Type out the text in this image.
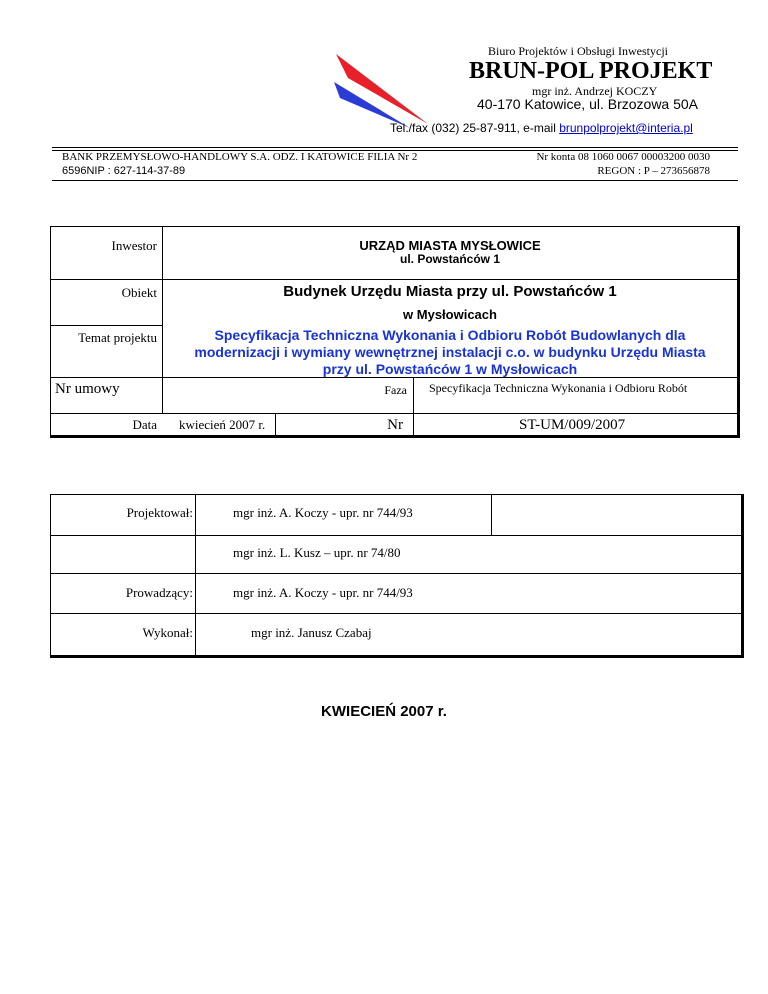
Biuro Projektów i Obsługi Inwestycji
BRUN-POL PROJEKT
mgr inż. Andrzej KOCZY
40-170 Katowice, ul. Brzozowa 50A
Tel./fax (032) 25-87-911, e-mail brunpolprojekt@interia.pl
BANK PRZEMYSŁOWO-HANDLOWY S.A. ODZ. I KATOWICE FILIA Nr 2
6596NIP : 627-114-37-89
Nr konta 08 1060 0067 00003200 0030
REGON : P – 273656878
Inwestor	URZĄD MIASTA MYSŁOWICE
ul. Powstańców 1
Obiekt	Budynek Urzędu Miasta przy ul. Powstańców 1
w Mysłowicach
Temat projektu	Specyfikacja Techniczna Wykonania i Odbioru Robót Budowlanych dla
modernizacji i wymiany wewnętrznej instalacji c.o. w budynku Urzędu Miasta
przy ul. Powstańców 1 w Mysłowicach
Nr umowy	Faza Specyfikacja Techniczna Wykonania i Odbioru Robót
Data kwiecień 2007 r.	Nr	ST-UM/009/2007
Projektował:	mgr inż. A. Koczy - upr. nr 744/93
mgr inż. L. Kusz – upr. nr 74/80
Prowadzący:	mgr inż. A. Koczy - upr. nr 744/93
Wykonał:	mgr inż. Janusz Czabaj
KWIECIEŃ 2007 r.
